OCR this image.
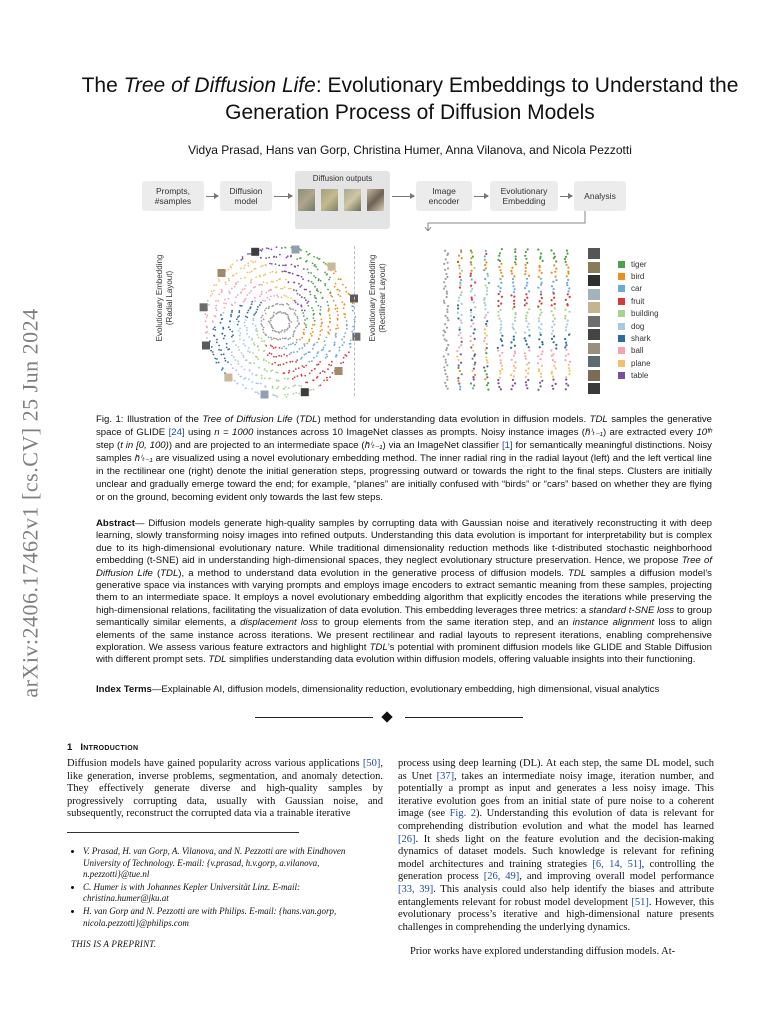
arXiv:2406.17462v1 [cs.CV] 25 Jun 2024
The Tree of Diffusion Life: Evolutionary Embeddings to Understand the Generation Process of Diffusion Models
Vidya Prasad, Hans van Gorp, Christina Humer, Anna Vilanova, and Nicola Pezzotti
Prompts, #samples
Diffusion model
Diffusion outputs
Image encoder
Evolutionary Embedding	Analysis
Evolutionary Embedding (Radial Layout)	Evolutionary Embedding (Rectilinear Layout)	tiger
bird
car
fruit
building
dog
shark
ball
plane
table
Fig. 1: Illustration of the Tree of Diffusion Life (TDL) method for understanding data evolution in diffusion models. TDL samples the generative space of GLIDE [24] using n = 1000 instances across 10 ImageNet classes as prompts. Noisy instance images (h̃ⁱₜ₋₁) are extracted every 10ᵗʰ step (t in [0, 100)) and are projected to an intermediate space (h̄ⁱₜ₋₁) via an ImageNet classifier [1] for semantically meaningful distinctions. Noisy samples h̄ⁱₜ₋₁ are visualized using a novel evolutionary embedding method. The inner radial ring in the radial layout (left) and the left vertical line in the rectilinear one (right) denote the initial generation steps, progressing outward or towards the right to the final steps. Clusters are initially unclear and gradually emerge toward the end; for example, “planes” are initially confused with “birds” or “cars” based on whether they are flying or on the ground, becoming evident only towards the last few steps.
Abstract— Diffusion models generate high-quality samples by corrupting data with Gaussian noise and iteratively reconstructing it with deep learning, slowly transforming noisy images into refined outputs. Understanding this data evolution is important for interpretability but is complex due to its high-dimensional evolutionary nature. While traditional dimensionality reduction methods like t-distributed stochastic neighborhood embedding (t-SNE) aid in understanding high-dimensional spaces, they neglect evolutionary structure preservation. Hence, we propose Tree of Diffusion Life (TDL), a method to understand data evolution in the generative process of diffusion models. TDL samples a diffusion model’s generative space via instances with varying prompts and employs image encoders to extract semantic meaning from these samples, projecting them to an intermediate space. It employs a novel evolutionary embedding algorithm that explicitly encodes the iterations while preserving the high-dimensional relations, facilitating the visualization of data evolution. This embedding leverages three metrics: a standard t-SNE loss to group semantically similar elements, a displacement loss to group elements from the same iteration step, and an instance alignment loss to align elements of the same instance across iterations. We present rectilinear and radial layouts to represent iterations, enabling comprehensive exploration. We assess various feature extractors and highlight TDL’s potential with prominent diffusion models like GLIDE and Stable Diffusion with different prompt sets. TDL simplifies understanding data evolution within diffusion models, offering valuable insights into their functioning.
Index Terms—Explainable AI, diffusion models, dimensionality reduction, evolutionary embedding, high dimensional, visual analytics
1 Introduction

Diffusion models have gained popularity across various applications [50], like generation, inverse problems, segmentation, and anomaly detection. They effectively generate diverse and high-quality samples by progressively corrupting data, usually with Gaussian noise, and subsequently, reconstruct the corrupted data via a trainable iterative

• V. Prasad, H. van Gorp, A. Vilanova, and N. Pezzotti are with Eindhoven University of Technology. E-mail: {v.prasad, h.v.gorp, a.vilanova, n.pezzotti}@tue.nl
• C. Humer is with Johannes Kepler Universität Linz. E-mail: christina.humer@jku.at
• H. van Gorp and N. Pezzotti are with Philips. E-mail: {hans.van.gorp, nicola.pezzotti}@philips.com
THIS IS A PREPRINT.

process using deep learning (DL). At each step, the same DL model, such as Unet [37], takes an intermediate noisy image, iteration number, and potentially a prompt as input and generates a less noisy image. This iterative evolution goes from an initial state of pure noise to a coherent image (see Fig. 2). Understanding this evolution of data is relevant for comprehending distribution evolution and what the model has learned [26]. It sheds light on the feature evolution and the decision-making dynamics of dataset models. Such knowledge is relevant for refining model architectures and training strategies [6, 14, 51], controlling the generation process [26, 49], and improving overall model performance [33, 39]. This analysis could also help identify the biases and attribute entanglements relevant for robust model development [51]. However, this evolutionary process’s iterative and high-dimensional nature presents challenges in comprehending the underlying dynamics.

Prior works have explored understanding diffusion models. At-
